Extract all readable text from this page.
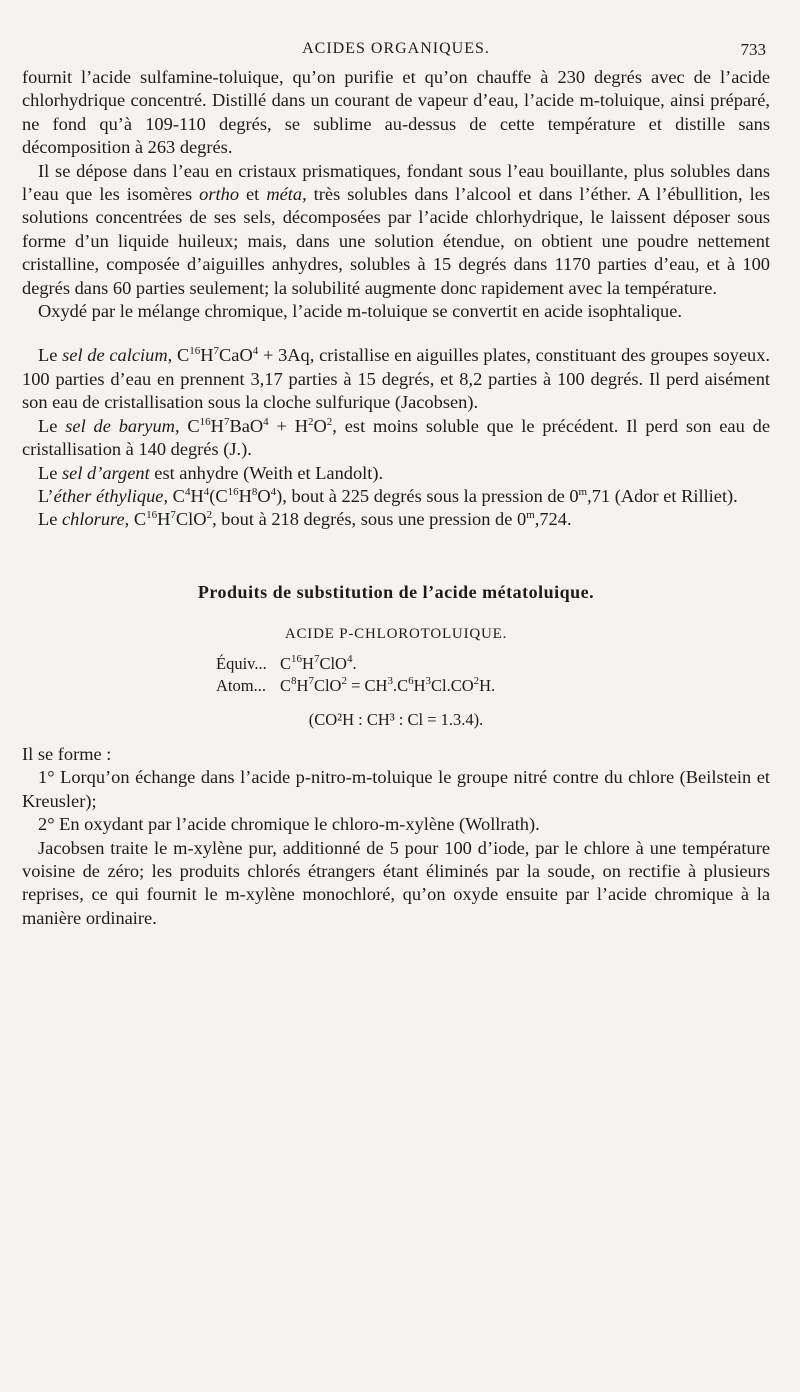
ACIDES ORGANIQUES.	733

fournit l’acide sulfamine-toluique, qu’on purifie et qu’on chauffe à 230 degrés avec de l’acide chlorhydrique concentré. Distillé dans un courant de vapeur d’eau, l’acide m-toluique, ainsi préparé, ne fond qu’à 109-110 degrés, se sublime au-dessus de cette température et distille sans décomposition à 263 degrés.

Il se dépose dans l’eau en cristaux prismatiques, fondant sous l’eau bouillante, plus solubles dans l’eau que les isomères ortho et méta, très solubles dans l’alcool et dans l’éther. A l’ébullition, les solutions concentrées de ses sels, décomposées par l’acide chlorhydrique, le laissent déposer sous forme d’un liquide huileux; mais, dans une solution étendue, on obtient une poudre nettement cristalline, composée d’aiguilles anhydres, solubles à 15 degrés dans 1170 parties d’eau, et à 100 degrés dans 60 parties seulement; la solubilité augmente donc rapidement avec la température.

Oxydé par le mélange chromique, l’acide m-toluique se convertit en acide isophtalique.

Le sel de calcium, $C^{16}H^7CaO^4 + 3Aq$, cristallise en aiguilles plates, constituant des groupes soyeux. 100 parties d’eau en prennent 3,17 parties à 15 degrés, et 8,2 parties à 100 degrés. Il perd aisément son eau de cristallisation sous la cloche sulfurique (Jacobsen).

Le sel de baryum, $C^{16}H^7BaO^4 + H^2O^2$, est moins soluble que le précédent. Il perd son eau de cristallisation à 140 degrés (J.).

Le sel d’argent est anhydre (Weith et Landolt).

L’éther éthylique, $C^4H^4(C^{16}H^8O^4)$, bout à 225 degrés sous la pression de 0$^m$,71 (Ador et Rilliet).

Le chlorure, $C^{16}H^7ClO^2$, bout à 218 degrés, sous une pression de 0$^m$,724.

Produits de substitution de l’acide métatoluique.

ACIDE P-CHLOROTOLUIQUE.

Équiv... $C^{16}H^7ClO^4$.
Atom... $C^8H^7ClO^2 = CH^3.C^6H^3Cl.CO^2H$.

(CO²H : CH³ : Cl = 1.3.4).

Il se forme :

1° Lorqu’on échange dans l’acide p-nitro-m-toluique le groupe nitré contre du chlore (Beilstein et Kreusler);

2° En oxydant par l’acide chromique le chloro-m-xylène (Wollrath).

Jacobsen traite le m-xylène pur, additionné de 5 pour 100 d’iode, par le chlore à une température voisine de zéro; les produits chlorés étrangers étant éliminés par la soude, on rectifie à plusieurs reprises, ce qui fournit le m-xylène monochloré, qu’on oxyde ensuite par l’acide chromique à la manière ordinaire.
